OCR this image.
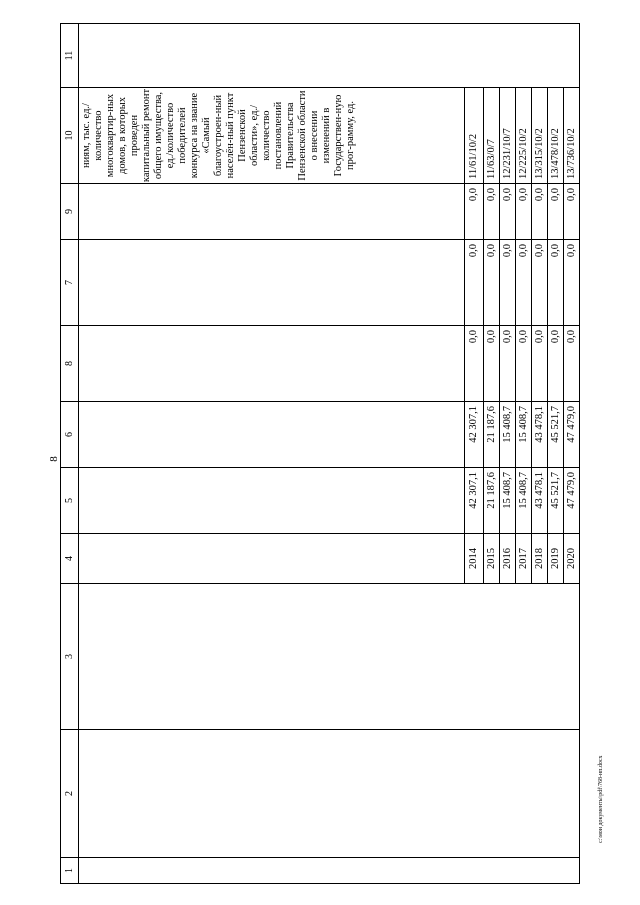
8
1	2	3	4	5	6	8	7	9	10	11
									ниям, тыс. ед./количество многоквартир-ных домов, в которых проведен капитальный ремонт общего имущества, ед./количество победителей конкурса на звание «Самый благоустроен-ный населён-ный пункт Пензенской области», ед./количество постановлений Правительства Пензенской области о внесении изменений в Государствен-ную прог-рамму, ед.	
			2014	42 307,1	42 307,1	0,0	0,0	0,0	11/61/10/2	
			2015	21 187,6	21 187,6	0,0	0,0	0,0	11/63/0/7	
			2016	15 408,7	15 408,7	0,0	0,0	0,0	12/231/10/7	
			2017	15 408,7	15 408,7	0,0	0,0	0,0	12/225/10/2	
			2018	43 478,1	43 478,1	0,0	0,0	0,0	13/315/10/2	
			2019	45 521,7	45 521,7	0,0	0,0	0,0	13/478/10/2	
			2020	47 479,0	47 479,0	0,0	0,0	0,0	13/736/10/2	
c:\мои документы\pdf\768-нп.docx
